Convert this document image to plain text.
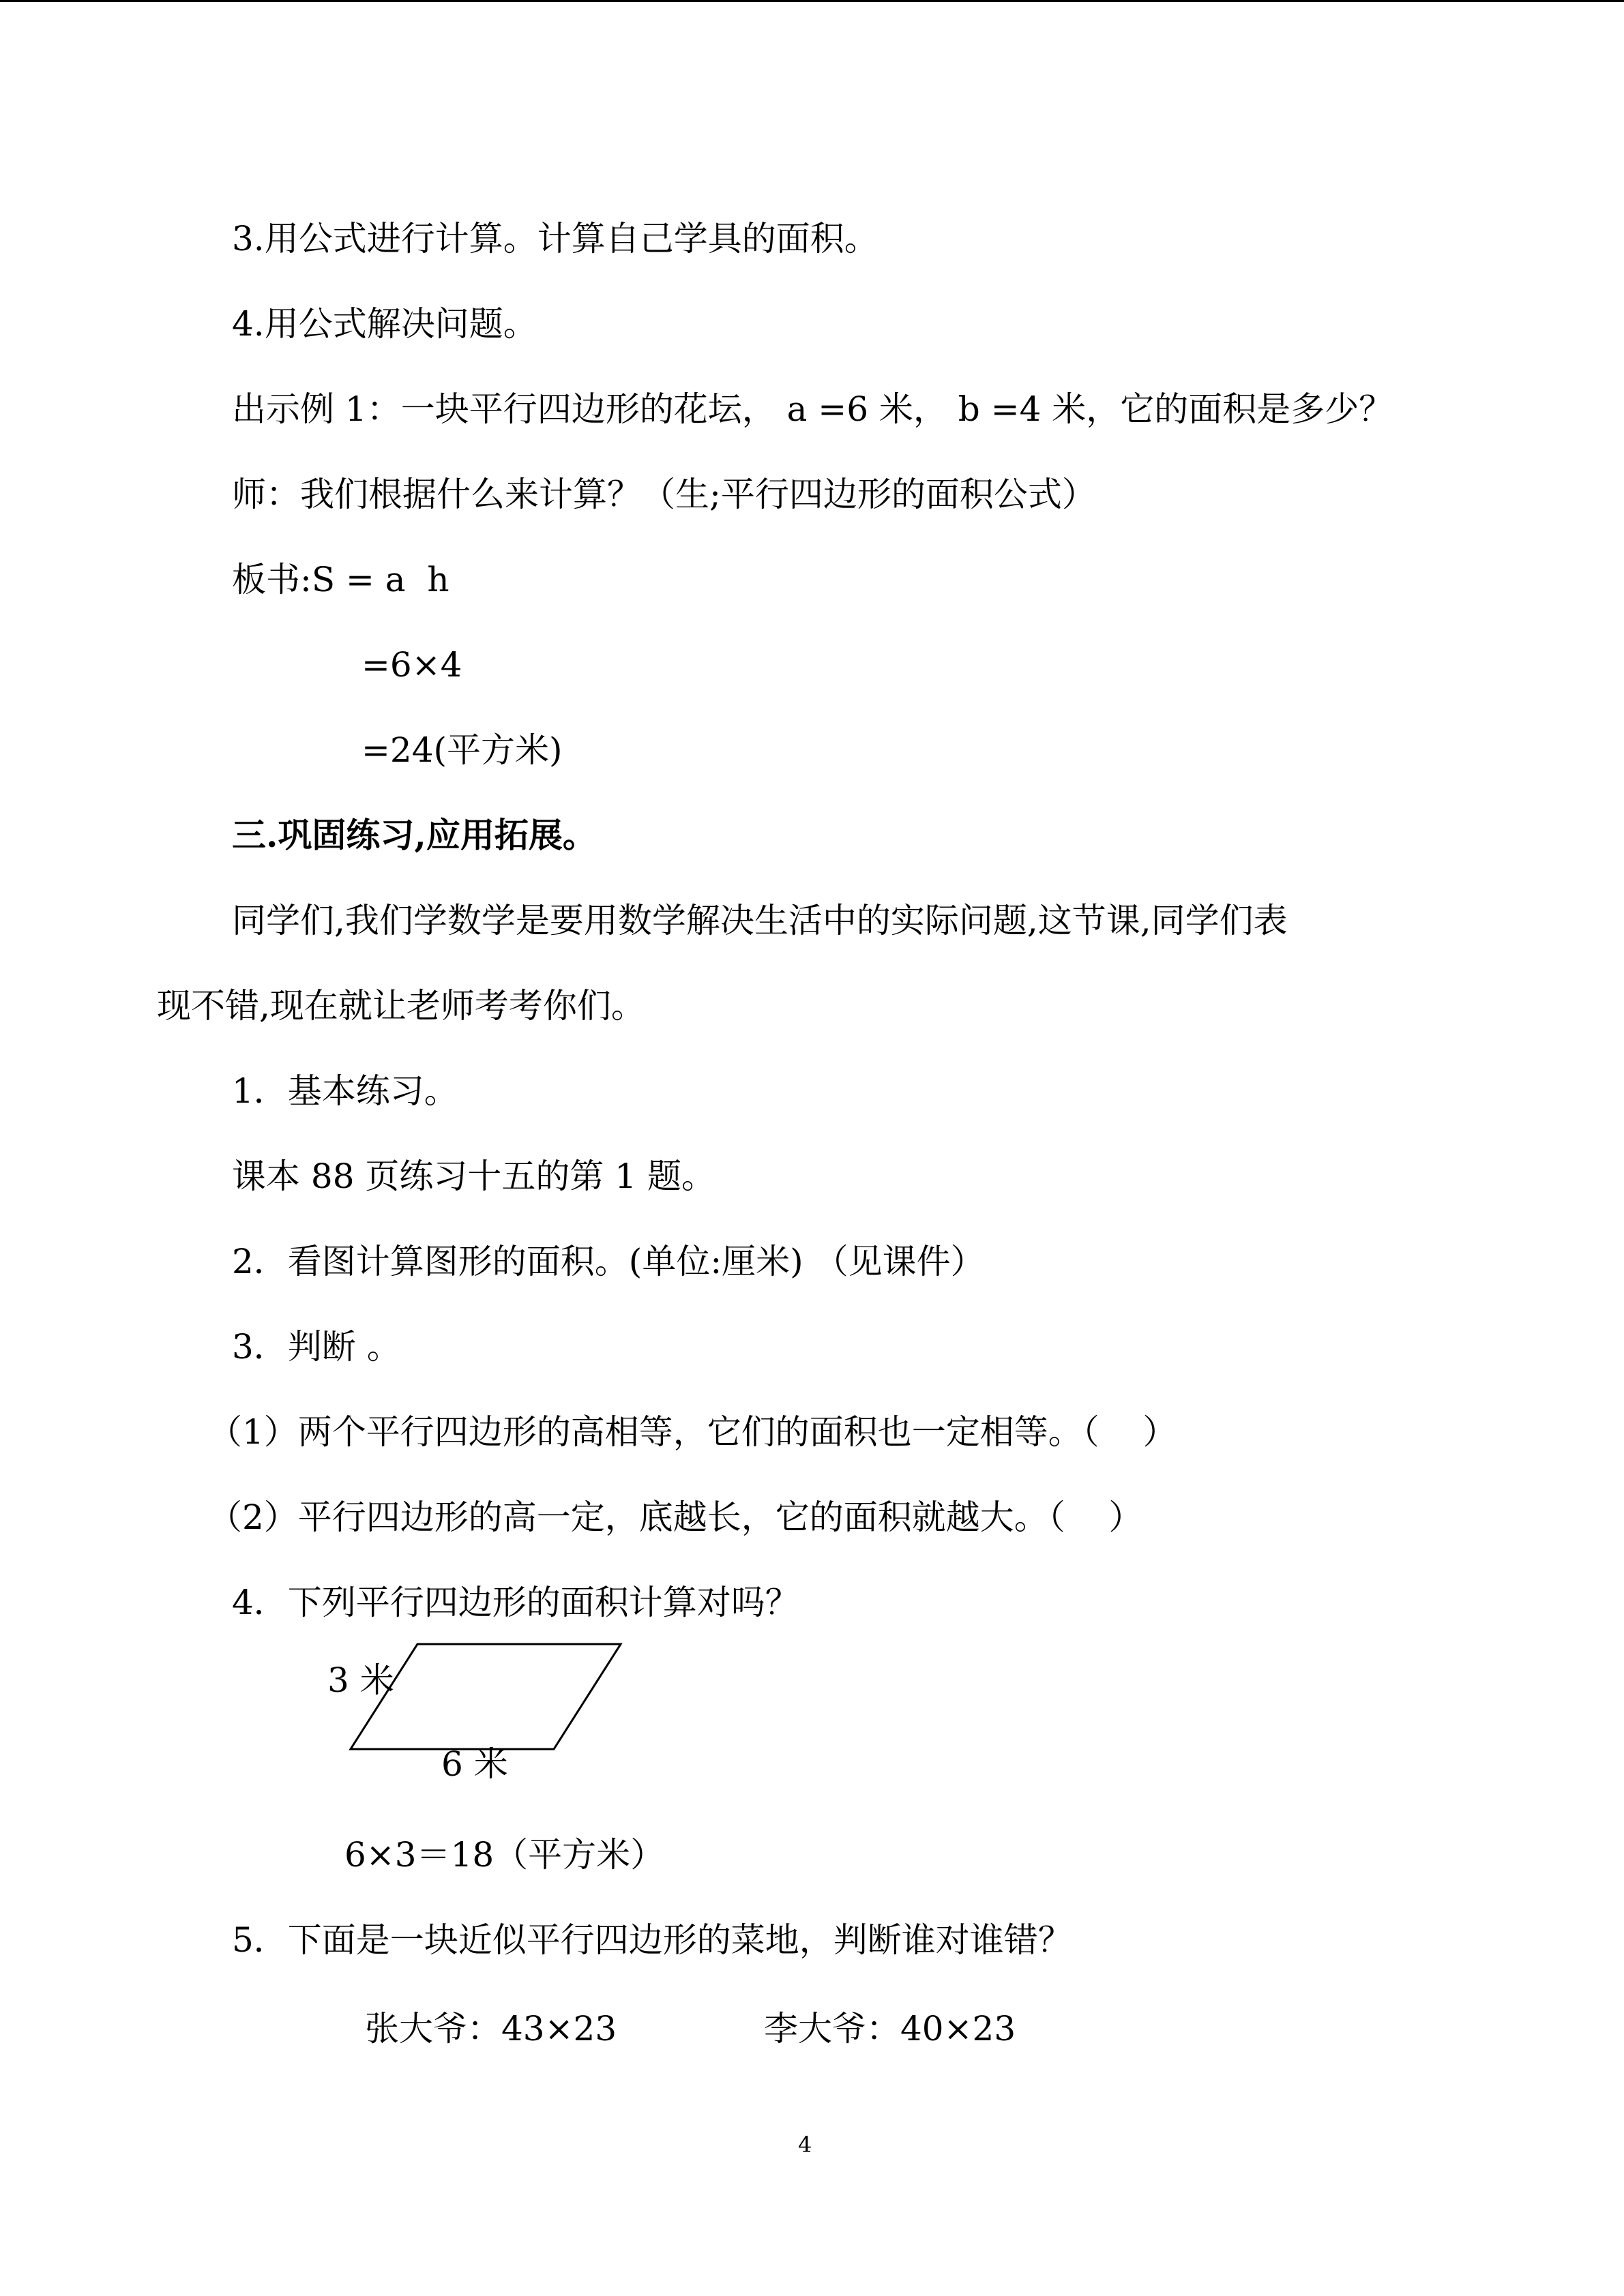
3.用公式进行计算。计算自己学具的面积。
4.用公式解决问题。
出示例 1：一块平行四边形的花坛， a =6 米， b =4 米，它的面积是多少？
师：我们根据什么来计算？（生;平行四边形的面积公式）
板书:S = a  h
=6×4
=24(平方米)
三.巩固练习,应用拓展。
同学们,我们学数学是要用数学解决生活中的实际问题,这节课,同学们表
现不错,现在就让老师考考你们。
1．基本练习。
课本 88 页练习十五的第 1 题。
2．看图计算图形的面积。(单位:厘米) （见课件）
3．判断 。
（1）两个平行四边形的高相等，它们的面积也一定相等。（    ）
（2）平行四边形的高一定，底越长，它的面积就越大。（    ）
4．下列平行四边形的面积计算对吗？
3 米
6 米
6×3＝18（平方米）
5．下面是一块近似平行四边形的菜地，判断谁对谁错？
张大爷：43×23	李大爷：40×23
4
